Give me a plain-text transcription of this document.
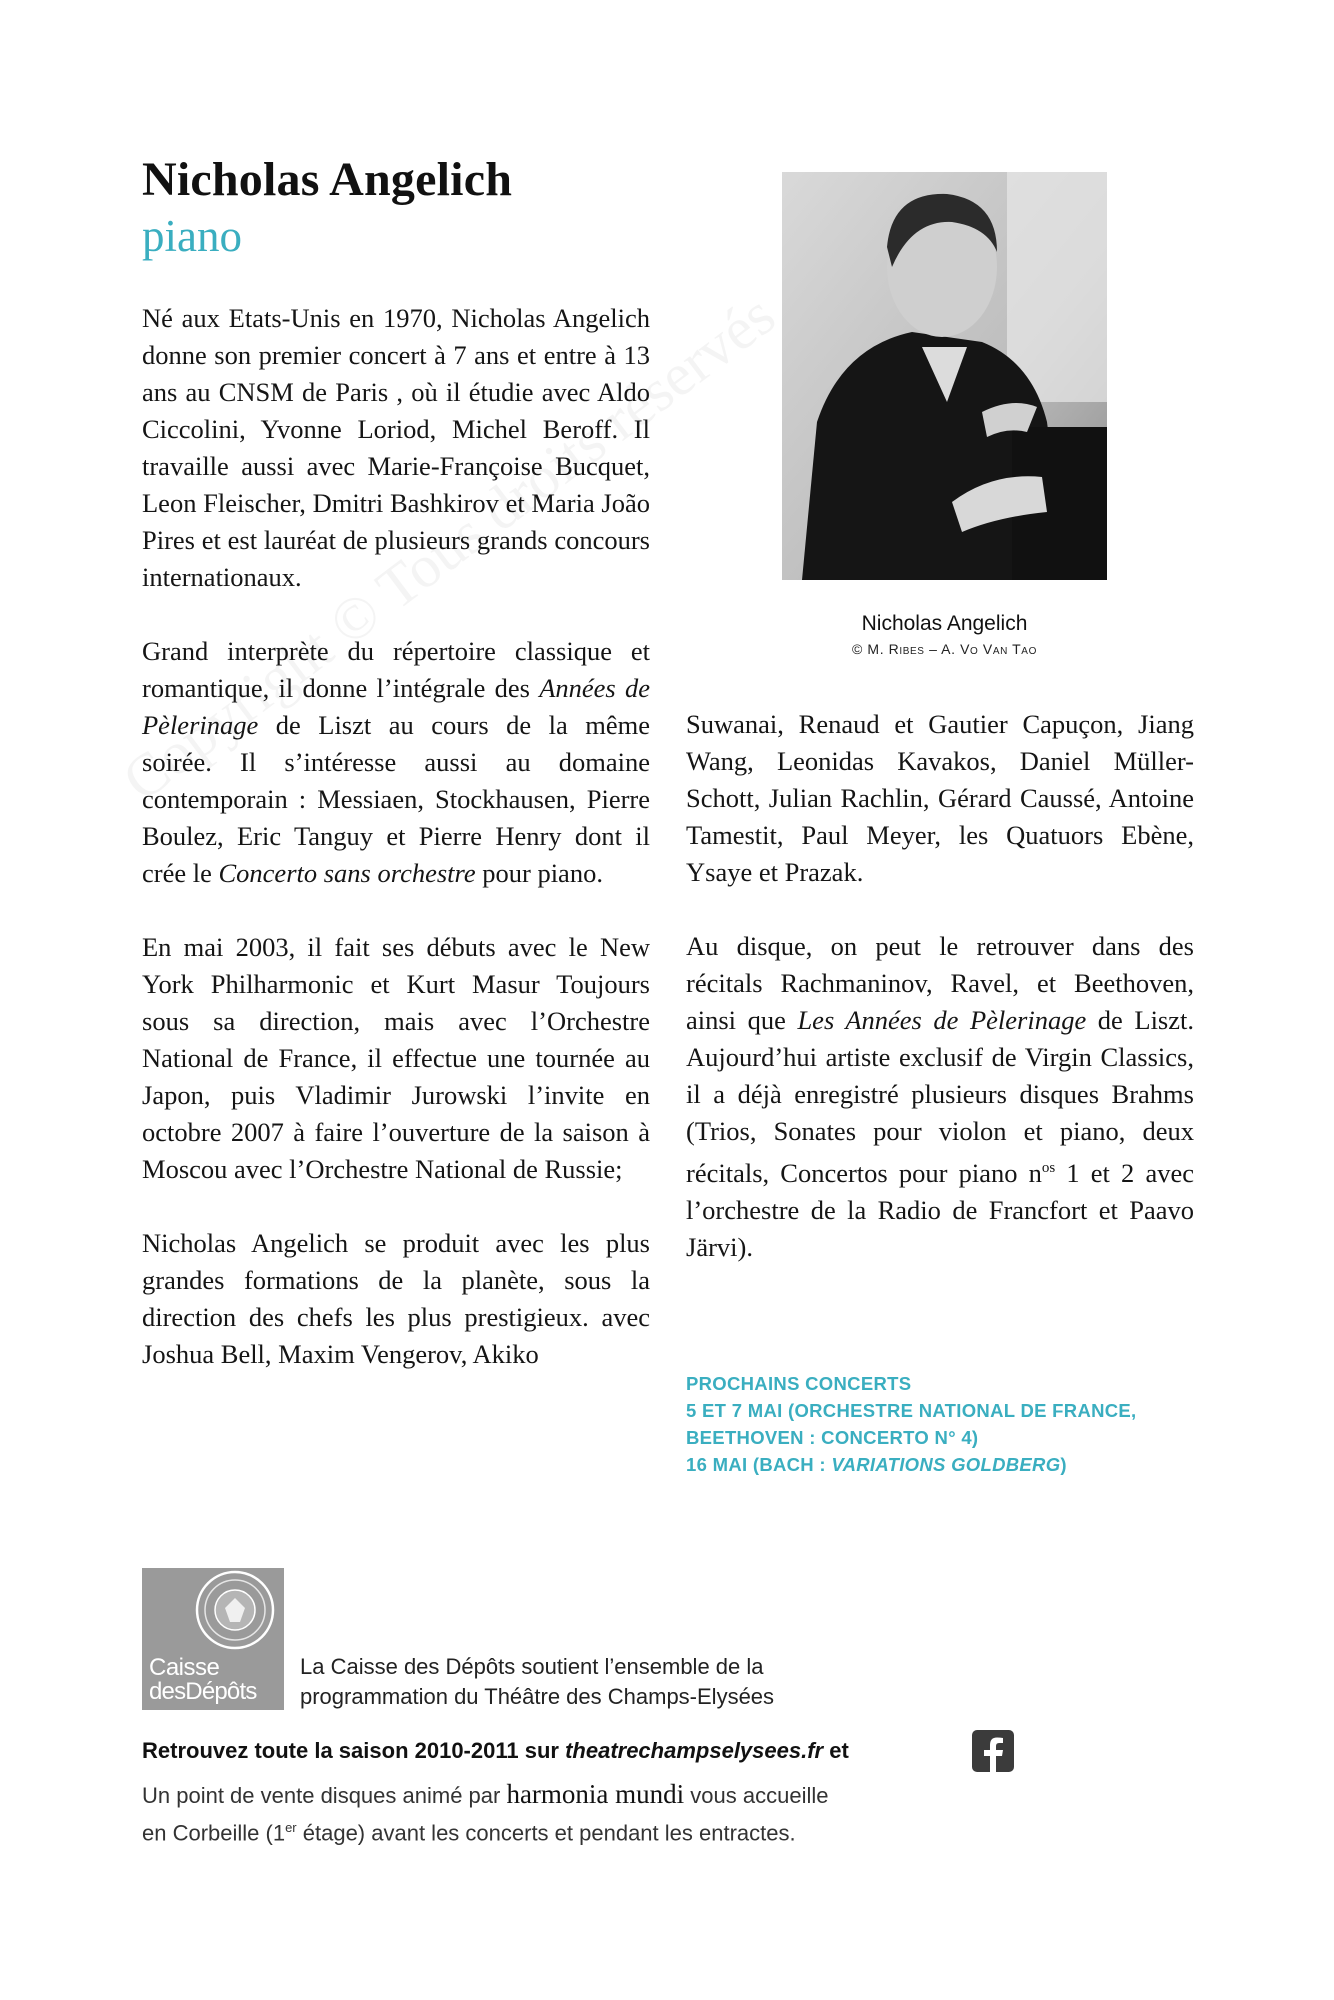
Nicholas Angelich
piano

Né aux Etats-Unis en 1970, Nicholas Angelich donne son premier concert à 7 ans et entre à 13 ans au CNSM de Paris , où il étudie avec Aldo Ciccolini, Yvonne Loriod, Michel Beroff. Il travaille aussi avec Marie-Françoise Bucquet, Leon Fleischer, Dmitri Bashkirov et Maria João Pires et est lauréat de plusieurs grands concours internationaux.

Grand interprète du répertoire classique et romantique, il donne l’intégrale des Années de Pèlerinage de Liszt au cours de la même soirée. Il s’intéresse aussi au domaine contemporain : Messiaen, Stockhausen, Pierre Boulez, Eric Tanguy et Pierre Henry dont il crée le Concerto sans orchestre pour piano.

En mai 2003, il fait ses débuts avec le New York Philharmonic et Kurt Masur Toujours sous sa direction, mais avec l’Orchestre National de France, il effectue une tournée au Japon, puis Vladimir Jurowski l’invite en octobre 2007 à faire l’ouverture de la saison à Moscou avec l’Orchestre National de Russie;

Nicholas Angelich se produit avec les plus grandes formations de la planète, sous la direction des chefs les plus prestigieux. avec Joshua Bell, Maxim Vengerov, Akiko

Nicholas Angelich
© M. Ribes – A. Vo Van Tao

Suwanai, Renaud et Gautier Capuçon, Jiang Wang, Leonidas Kavakos, Daniel Müller-Schott, Julian Rachlin, Gérard Caussé, Antoine Tamestit, Paul Meyer, les Quatuors Ebène, Ysaye et Prazak.

Au disque, on peut le retrouver dans des récitals Rachmaninov, Ravel, et Beethoven, ainsi que Les Années de Pèlerinage de Liszt. Aujourd’hui artiste exclusif de Virgin Classics, il a déjà enregistré plusieurs disques Brahms (Trios, Sonates pour violon et piano, deux récitals, Concertos pour piano $n^{os}$ 1 et 2 avec l’orchestre de la Radio de Francfort et Paavo Järvi).

PROCHAINS CONCERTS
5 ET 7 MAI (ORCHESTRE NATIONAL DE FRANCE,
BEETHOVEN : CONCERTO N° 4)
16 MAI (BACH : VARIATIONS GOLDBERG)
Caisse
desDépôts
La Caisse des Dépôts soutient l’ensemble de la
programmation du Théâtre des Champs-Elysées
Retrouvez toute la saison 2010-2011 sur theatrechampselysees.fr et
Un point de vente disques animé par harmonia mundi vous accueille
en Corbeille (1er étage) avant les concerts et pendant les entractes.
